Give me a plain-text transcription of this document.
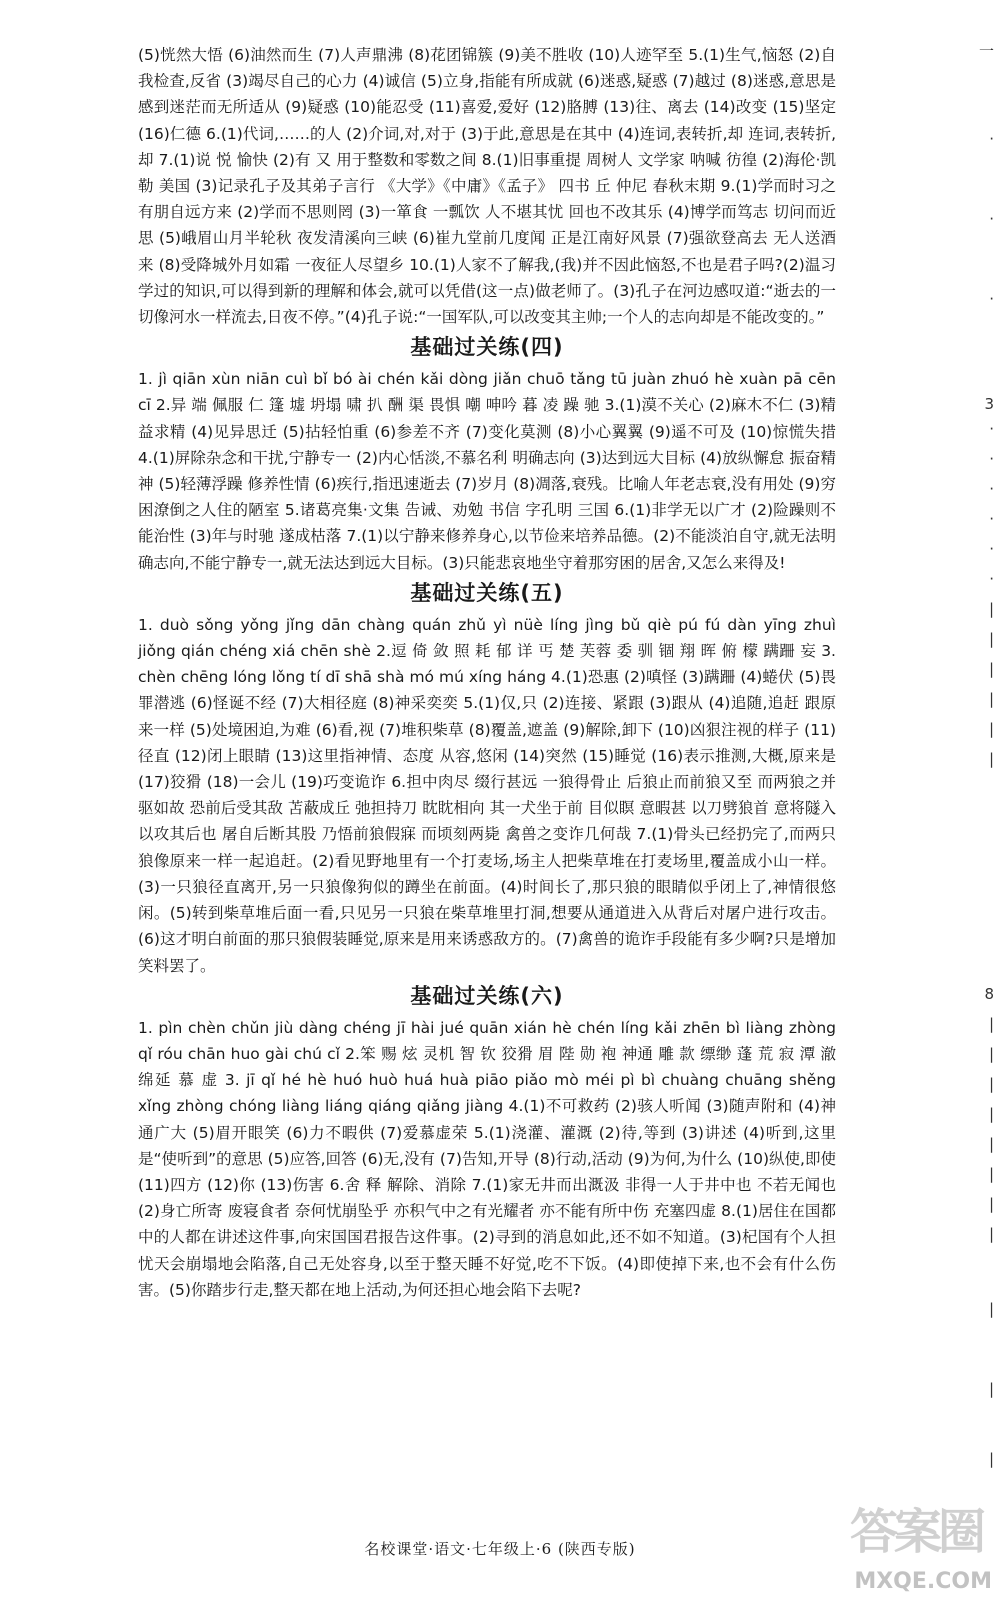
(5)恍然大悟 (6)油然而生 (7)人声鼎沸 (8)花团锦簇 (9)美不胜收 (10)人迹罕至 5.(1)生气,恼怒 (2)自我检查,反省 (3)竭尽自己的心力 (4)诚信 (5)立身,指能有所成就 (6)迷惑,疑惑 (7)越过 (8)迷惑,意思是感到迷茫而无所适从 (9)疑惑 (10)能忍受 (11)喜爱,爱好 (12)胳膊 (13)往、离去 (14)改变 (15)坚定 (16)仁德 6.(1)代词,……的人 (2)介词,对,对于 (3)于此,意思是在其中 (4)连词,表转折,却 连词,表转折,却 7.(1)说 悦 愉快 (2)有 又 用于整数和零数之间 8.(1)旧事重提 周树人 文学家 呐喊 彷徨 (2)海伦·凯勒 美国 (3)记录孔子及其弟子言行 《大学》《中庸》《孟子》 四书 丘 仲尼 春秋末期 9.(1)学而时习之 有朋自远方来 (2)学而不思则罔 (3)一箪食 一瓢饮 人不堪其忧 回也不改其乐 (4)博学而笃志 切问而近思 (5)峨眉山月半轮秋 夜发清溪向三峡 (6)崔九堂前几度闻 正是江南好风景 (7)强欲登高去 无人送酒来 (8)受降城外月如霜 一夜征人尽望乡 10.(1)人家不了解我,(我)并不因此恼怒,不也是君子吗?(2)温习学过的知识,可以得到新的理解和体会,就可以凭借(这一点)做老师了。(3)孔子在河边感叹道:“逝去的一切像河水一样流去,日夜不停。”(4)孔子说:“一国军队,可以改变其主帅;一个人的志向却是不能改变的。”

基础过关练(四)

1. jì qiān xùn niān cuì bǐ bó ài chén kǎi dòng jiǎn chuō tǎng tū juàn zhuó hè xuàn pā cēn cī 2.异 端 佩服 仁 篷 墟 坍塌 啸 扒 酬 渠 畏惧 嘲 呻吟 暮 凌 躁 驰 3.(1)漠不关心 (2)麻木不仁 (3)精益求精 (4)见异思迁 (5)拈轻怕重 (6)参差不齐 (7)变化莫测 (8)小心翼翼 (9)遥不可及 (10)惊慌失措 4.(1)屏除杂念和干扰,宁静专一 (2)内心恬淡,不慕名利 明确志向 (3)达到远大目标 (4)放纵懈怠 振奋精神 (5)轻薄浮躁 修养性情 (6)疾行,指迅速逝去 (7)岁月 (8)凋落,衰残。比喻人年老志衰,没有用处 (9)穷困潦倒之人住的陋室 5.诸葛亮集·文集 告诫、劝勉 书信 字孔明 三国 6.(1)非学无以广才 (2)险躁则不能治性 (3)年与时驰 遂成枯落 7.(1)以宁静来修养身心,以节俭来培养品德。(2)不能淡泊自守,就无法明确志向,不能宁静专一,就无法达到远大目标。(3)只能悲哀地坐守着那穷困的居舍,又怎么来得及!

基础过关练(五)

1. duò sǒng yǒng jǐng dān chàng quán zhǔ yì nüè líng jìng bǔ qiè pú fú dàn yīng zhuì jiǒng qián chéng xiá chēn shè 2.逗 倚 敛 照 耗 郁 详 丐 楚 芙蓉 委 驯 锢 翔 晖 俯 檬 蹒跚 妄 3. chèn chēng lóng lǒng tí dī shā shà mó mú xíng háng 4.(1)恐惠 (2)嗔怪 (3)蹒跚 (4)蜷伏 (5)畏罪潜逃 (6)怪诞不经 (7)大相径庭 (8)神采奕奕 5.(1)仅,只 (2)连接、紧跟 (3)跟从 (4)追随,追赶 跟原来一样 (5)处境困迫,为难 (6)看,视 (7)堆积柴草 (8)覆盖,遮盖 (9)解除,卸下 (10)凶狠注视的样子 (11)径直 (12)闭上眼睛 (13)这里指神情、态度 从容,悠闲 (14)突然 (15)睡觉 (16)表示推测,大概,原来是 (17)狡猾 (18)一会儿 (19)巧变诡诈 6.担中肉尽 缀行甚远 一狼得骨止 后狼止而前狼又至 而两狼之并驱如故 恐前后受其敌 苫蔽成丘 弛担持刀 眈眈相向 其一犬坐于前 目似瞑 意暇甚 以刀劈狼首 意将隧入以攻其后也 屠自后断其股 乃悟前狼假寐 而顷刻两毙 禽兽之变诈几何哉 7.(1)骨头已经扔完了,而两只狼像原来一样一起追赶。(2)看见野地里有一个打麦场,场主人把柴草堆在打麦场里,覆盖成小山一样。(3)一只狼径直离开,另一只狼像狗似的蹲坐在前面。(4)时间长了,那只狼的眼睛似乎闭上了,神情很悠闲。(5)转到柴草堆后面一看,只见另一只狼在柴草堆里打洞,想要从通道进入从背后对屠户进行攻击。(6)这才明白前面的那只狼假装睡觉,原来是用来诱惑敌方的。(7)禽兽的诡诈手段能有多少啊?只是增加笑料罢了。

基础过关练(六)

1. pìn chèn chǔn jiù dàng chéng jī hài jué quān xián hè chén líng kǎi zhēn bì liàng zhòng qǐ róu chān huo gài chú cǐ 2.笨 赐 炫 灵机 智 钦 狡猾 眉 陛 勋 袍 神通 雕 款 缥缈 蓬 荒 寂 潭 澈 绵延 慕 虚 3. jī qǐ hé hè huó huò huá huà piāo piǎo mò méi pì bì chuàng chuāng shěng xǐng zhòng chóng liàng liáng qiáng qiǎng jiàng 4.(1)不可救药 (2)骇人听闻 (3)随声附和 (4)神通广大 (5)眉开眼笑 (6)力不暇供 (7)爱慕虚荣 5.(1)浇灌、灌溉 (2)待,等到 (3)讲述 (4)听到,这里是“使听到”的意思 (5)应答,回答 (6)无,没有 (7)告知,开导 (8)行动,活动 (9)为何,为什么 (10)纵使,即使 (11)四方 (12)你 (13)伤害 6.舍 释 解除、消除 7.(1)家无井而出溉汲 非得一人于井中也 不若无闻也 (2)身亡所寄 废寝食者 奈何忧崩坠乎 亦积气中之有光耀者 亦不能有所中伤 充塞四虚 8.(1)居住在国都中的人都在讲述这件事,向宋国国君报告这件事。(2)寻到的消息如此,还不如不知道。(3)杞国有个人担忧天会崩塌地会陷落,自己无处容身,以至于整天睡不好觉,吃不下饭。(4)即使掉下来,也不会有什么伤害。(5)你踏步行走,整天都在地上活动,为何还担心地会陷下去呢?

名校课堂·语文·七年级上·6 (陕西专版)
一
·
·
·
3
·
·
·
·
·
·
|
|
|
|
|
|
8
|
|
|
|
|
|
|
|
|
|
|
答案圈
MXQE.COM
